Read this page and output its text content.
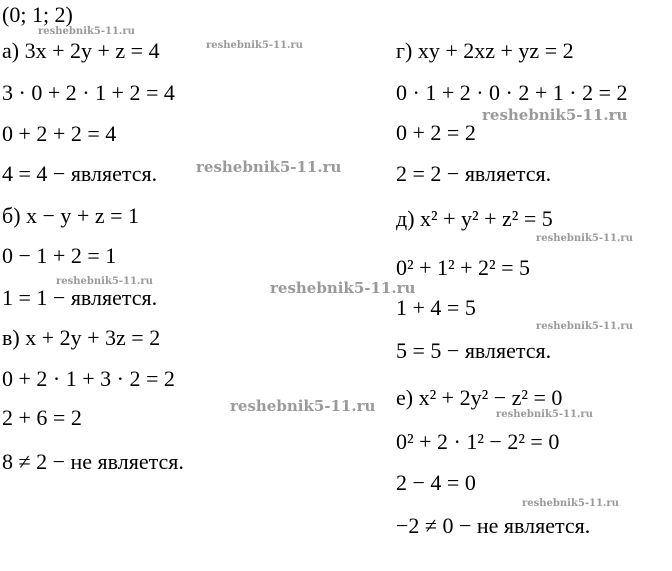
(0; 1; 2)
а) 3x + 2y + z = 4
3 · 0 + 2 · 1 + 2 = 4
0 + 2 + 2 = 4
4 = 4 − является.
б) x − y + z = 1
0 − 1 + 2 = 1
1 = 1 − является.
в) x + 2y + 3z = 2
0 + 2 · 1 + 3 · 2 = 2
2 + 6 = 2
8 ≠ 2 − не является.
г) xy + 2xz + yz = 2
0 · 1 + 2 · 0 · 2 + 1 · 2 = 2
0 + 2 = 2
2 = 2 − является.
д) x² + y² + z² = 5
0² + 1² + 2² = 5
1 + 4 = 5
5 = 5 − является.
е) x² + 2y² − z² = 0
0² + 2 · 1² − 2² = 0
2 − 4 = 0
−2 ≠ 0 − не является.
reshebnik5-11.ru
reshebnik5-11.ru
reshebnik5-11.ru
reshebnik5-11.ru	reshebnik5-11.ru
reshebnik5-11.ru
reshebnik5-11.ru
reshebnik5-11.ru
reshebnik5-11.ru
reshebnik5-11.ru
reshebnik5-11.ru
